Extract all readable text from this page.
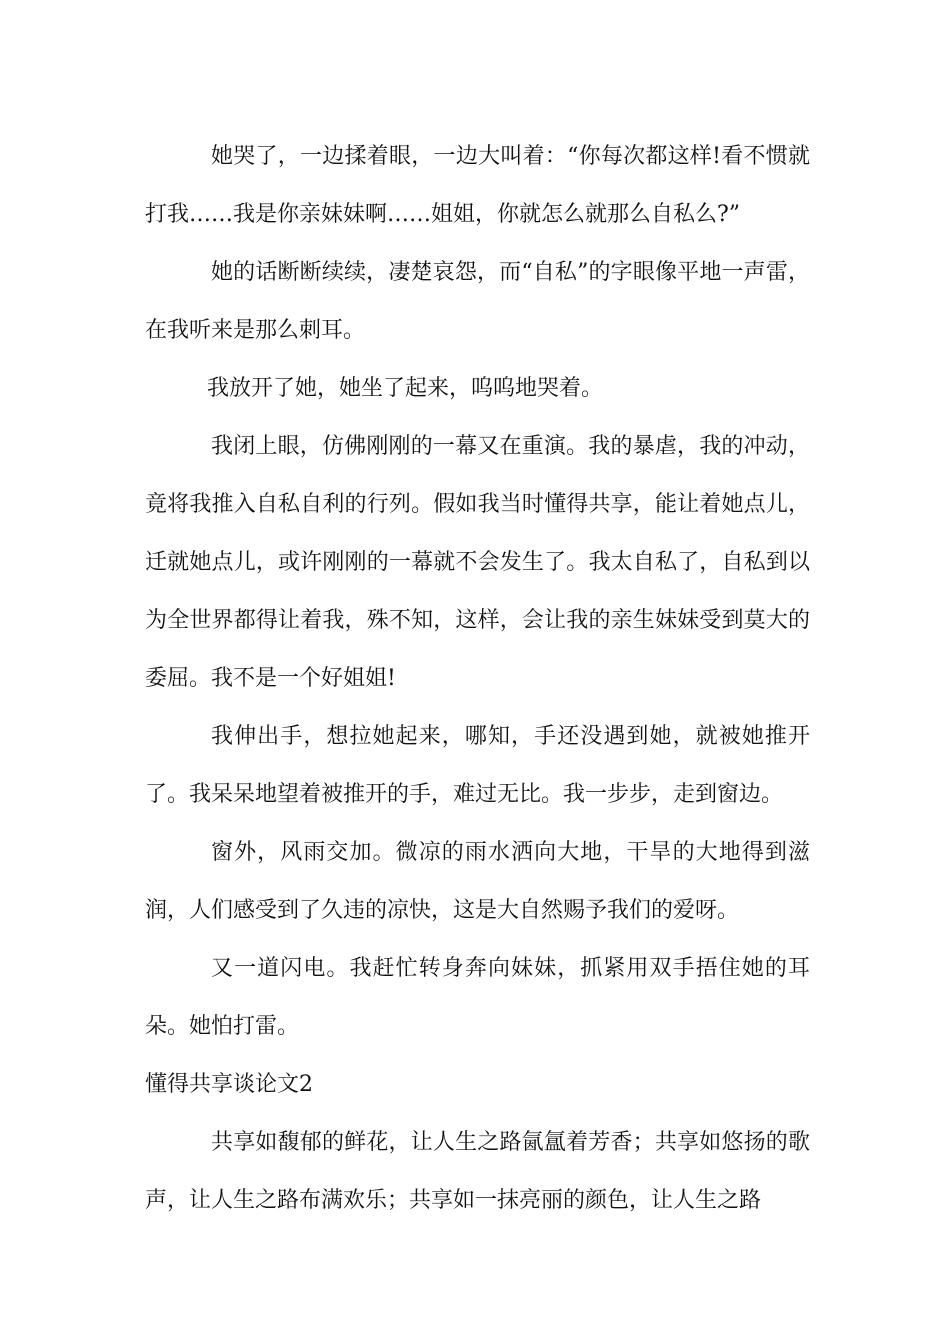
她哭了，一边揉着眼，一边大叫着：“你每次都这样!看不惯就打我……我是你亲妹妹啊……姐姐，你就怎么就那么自私么?”

她的话断断续续，凄楚哀怨，而“自私”的字眼像平地一声雷，在我听来是那么刺耳。

我放开了她，她坐了起来，呜呜地哭着。

我闭上眼，仿佛刚刚的一幕又在重演。我的暴虐，我的冲动，竟将我推入自私自利的行列。假如我当时懂得共享，能让着她点儿，迁就她点儿，或许刚刚的一幕就不会发生了。我太自私了，自私到以为全世界都得让着我，殊不知，这样，会让我的亲生妹妹受到莫大的委屈。我不是一个好姐姐!

我伸出手，想拉她起来，哪知，手还没遇到她，就被她推开了。我呆呆地望着被推开的手，难过无比。我一步步，走到窗边。

窗外，风雨交加。微凉的雨水洒向大地，干旱的大地得到滋润，人们感受到了久违的凉快，这是大自然赐予我们的爱呀。

又一道闪电。我赶忙转身奔向妹妹，抓紧用双手捂住她的耳朵。她怕打雷。

懂得共享谈论文2

共享如馥郁的鲜花，让人生之路氤氲着芳香；共享如悠扬的歌声，让人生之路布满欢乐；共享如一抹亮丽的颜色，让人生之路
